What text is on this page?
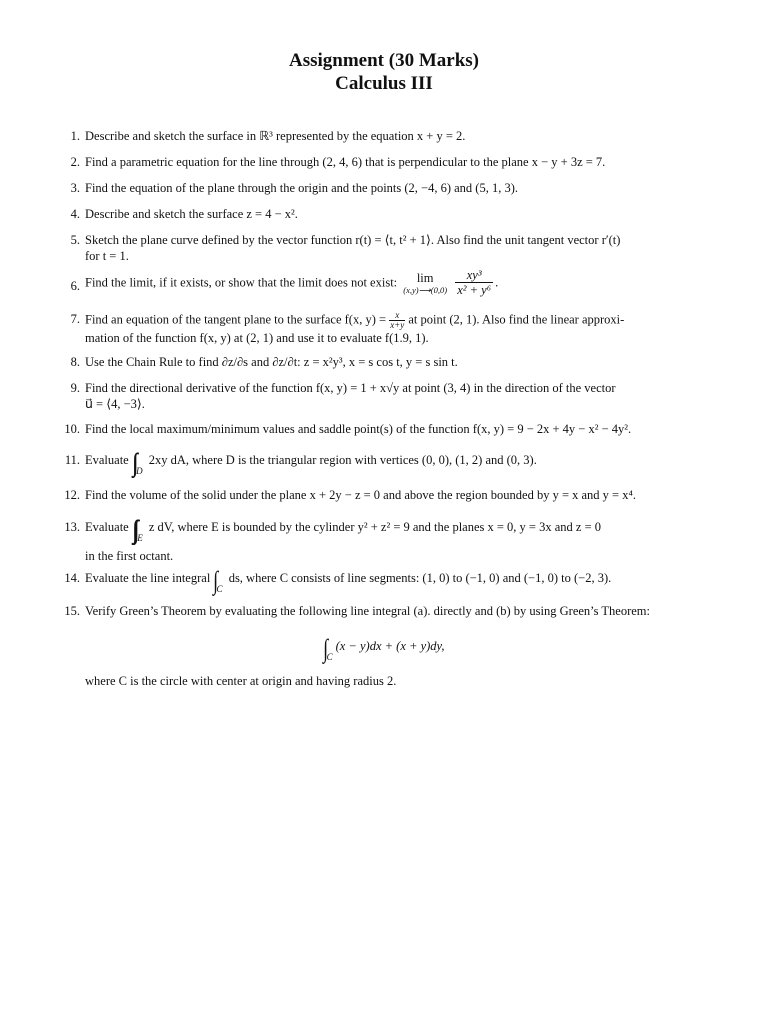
Assignment (30 Marks)
Calculus III
1. Describe and sketch the surface in ℝ³ represented by the equation x + y = 2.
2. Find a parametric equation for the line through (2, 4, 6) that is perpendicular to the plane x − y + 3z = 7.
3. Find the equation of the plane through the origin and the points (2, −4, 6) and (5, 1, 3).
4. Describe and sketch the surface z = 4 − x².
5. Sketch the plane curve defined by the vector function r(t) = ⟨t, t² + 1⟩. Also find the unit tangent vector r′(t)
for t = 1.
6. Find the limit, if it exists, or show that the limit does not exist:	lim
(x,y)⟶(0,0)
$\frac{\text{xy³}}{\text{x² + y⁶}}$ .
7. Find an equation of the tangent plane to the surface f(x, $y) = \frac{x}{x+y}$ at point (2, 1). Also find the linear approxi-
mation of the function f(x, y) at (2, 1) and use it to evaluate f(1.9, 1).
8. Use the Chain Rule to find ∂z/∂s and ∂z/∂t: z = x²y³, x = s cos t, y = s sin t.
9. Find the directional derivative of the function f(x, y) = 1 + x√y at point (3, 4) in the direction of the vector
u⃗ = ⟨4, −3⟩.
10. Find the local maximum/minimum values and saddle point(s) of the function f(x, y) = 9 − 2x + 4y − x² − 4y².
11. Evaluate ∫∫ $_D$ 2xy dA, where D is the triangular region with vertices (0, 0), (1, 2) and (0, 3).
12. Find the volume of the solid under the plane x + 2y − z = 0 and above the region bounded by y = x and y = x⁴.
13. Evaluate ∫∫∫ $_E$ z dV, where E is bounded by the cylinder y² + z² = 9 and the planes x = 0, y = 3x and z = 0
in the first octant.
14. Evaluate the line integral ∫ $_C$ ds, where C consists of line segments: (1, 0) to (−1, 0) and (−1, 0) to (−2, 3).
15. Verify Green’s Theorem by evaluating the following line integral (a). directly and (b) by using Green’s Theorem:
∫ $_C$(x − y)dx + (x + y)dy,
where C is the circle with center at origin and having radius 2.
